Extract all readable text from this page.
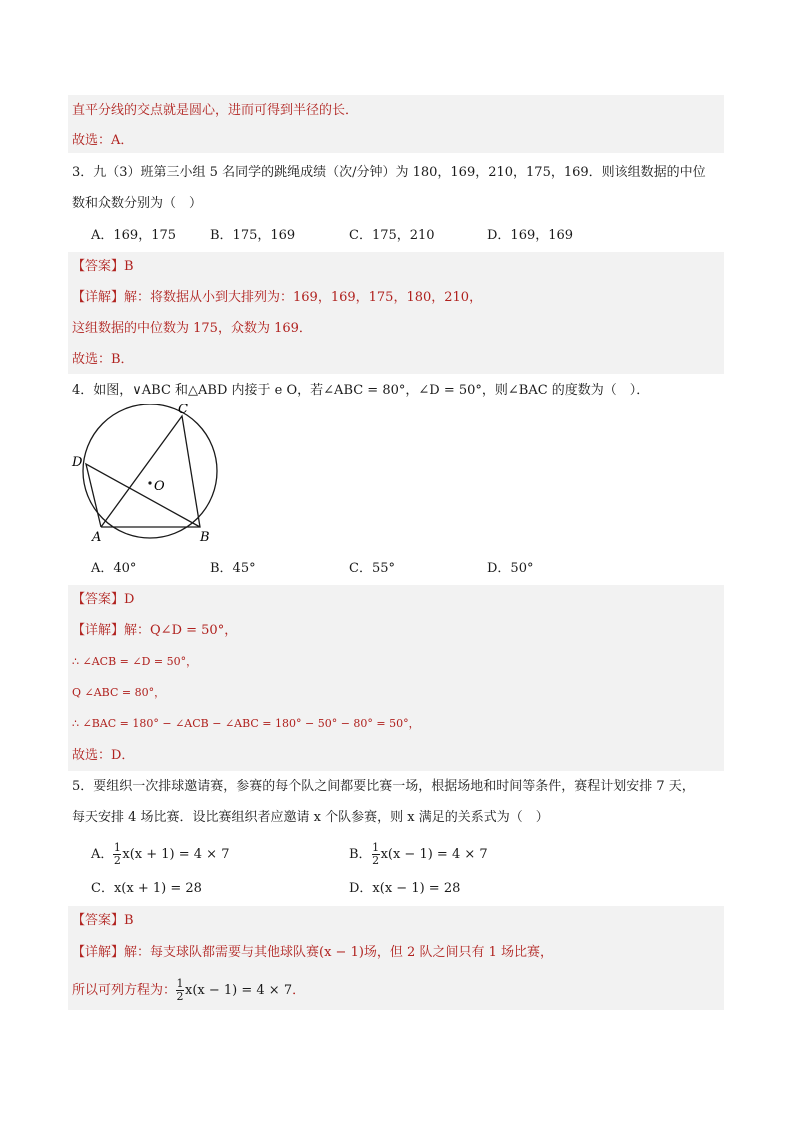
直平分线的交点就是圆心，进而可得到半径的长．
故选：A．
3．九（3）班第三小组 5 名同学的跳绳成绩（次/分钟）为 180，169，210，175，169．则该组数据的中位
数和众数分别为（　）
A．169，175	B．175，169	C．175，210	D．169，169
【答案】B
【详解】解：将数据从小到大排列为：169，169，175，180，210，
这组数据的中位数为 175，众数为 169．
故选：B．
4．如图，∨ABC 和△ABD 内接于 e O，若∠ABC = 80°，∠D = 50°，则∠BAC 的度数为（　）．
C
D
O
A	B
A．40°	B．45°	C．55°	D．50°
【答案】D
【详解】解：Q∠D = 50°，
∴ ∠ACB = ∠D = 50°，
Q ∠ABC = 80°，
∴ ∠BAC = 180° − ∠ACB − ∠ABC = 180° − 50° − 80° = 50°，
故选：D．
5．要组织一次排球邀请赛，参赛的每个队之间都要比赛一场，根据场地和时间等条件，赛程计划安排 7 天，
每天安排 4 场比赛．设比赛组织者应邀请 x 个队参赛，则 x 满足的关系式为（　）
A． $\frac{1}{2} x(x + 1) = 4 \times 7$	B． $\frac{1}{2} x(x - 1) = 4 \times 7$
C．x(x + 1) = 28	D．x(x − 1) = 28
【答案】B
【详解】解：每支球队都需要与其他球队赛(x − 1)场，但 2 队之间只有 1 场比赛，
所以可列方程为： $\frac{1}{2} x(x - 1) = 4 \times 7$．
